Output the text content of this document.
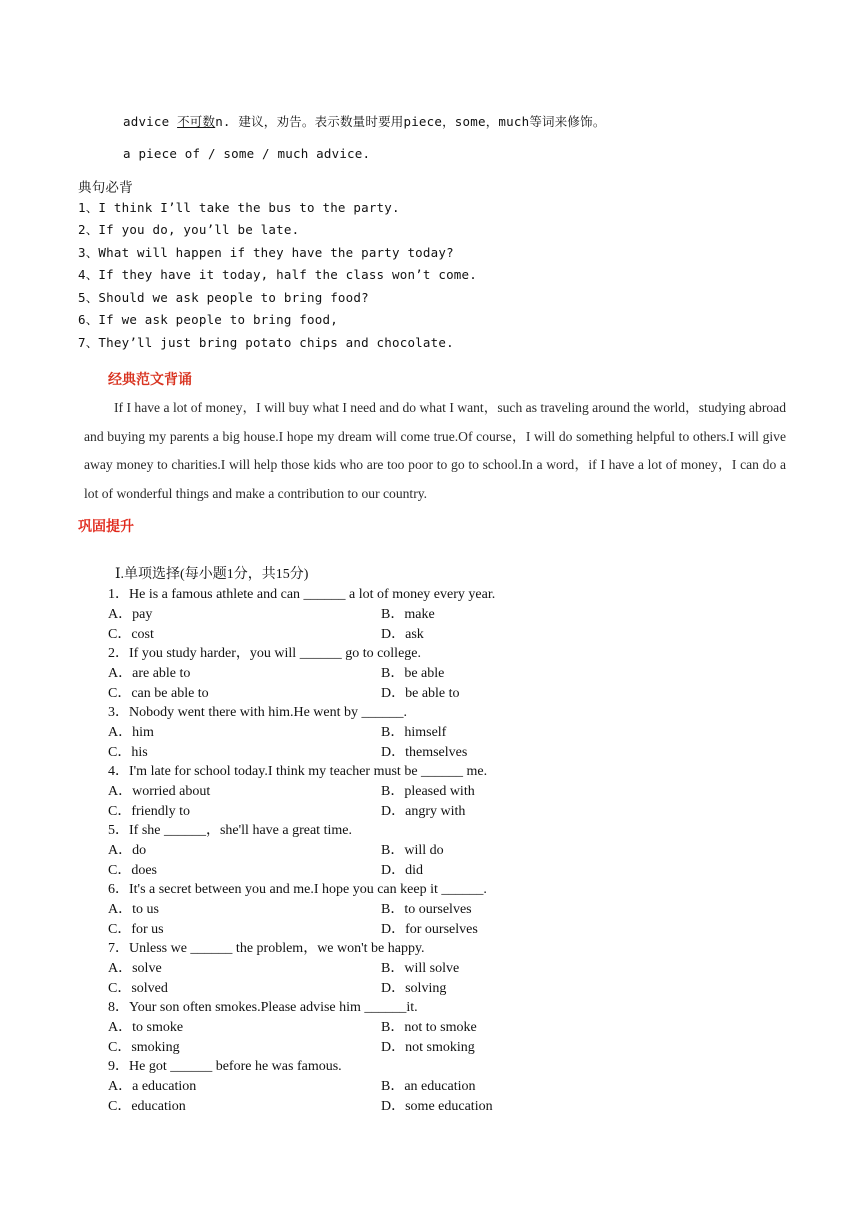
advice 不可数n. 建议，劝告。表示数量时要用piece，some，much等词来修饰。
a piece of / some / much advice.
典句必背
1、I think I’ll take the bus to the party.
2、If you do, you’ll be late.
3、What will happen if they have the party today?
4、If they have it today, half the class won’t come.
5、Should we ask people to bring food?
6、If we ask people to bring food,
7、They’ll just bring potato chips and chocolate.
经典范文背诵

If I have a lot of money，I will buy what I need and do what I want，such as traveling around the world，studying abroad and buying my parents a big house.I hope my dream will come true.Of course，I will do something helpful to others.I will give away money to charities.I will help those kids who are too poor to go to school.In a word，if I have a lot of money，I can do a lot of wonderful things and make a contribution to our country.

巩固提升
Ⅰ.单项选择(每小题1分，共15分)
1．He is a famous athlete and can ______ a lot of money every year.
A．pay	B．make
C．cost	D．ask
2．If you study harder，you will ______ go to college.
A．are able to	B．be able
C．can be able to	D．be able to
3．Nobody went there with him.He went by ______.
A．him	B．himself
C．his	D．themselves
4．I'm late for school today.I think my teacher must be ______ me.
A．worried about	B．pleased with
C．friendly to	D．angry with
5．If she ______，she'll have a great time.
A．do	B．will do
C．does	D．did
6．It's a secret between you and me.I hope you can keep it ______.
A．to us	B．to ourselves
C．for us	D．for ourselves
7．Unless we ______ the problem，we won't be happy.
A．solve	B．will solve
C．solved	D．solving
8．Your son often smokes.Please advise him ______it.
A．to smoke	B．not to smoke
C．smoking	D．not smoking
9．He got ______ before he was famous.
A．a education	B．an education
C．education	D．some education
